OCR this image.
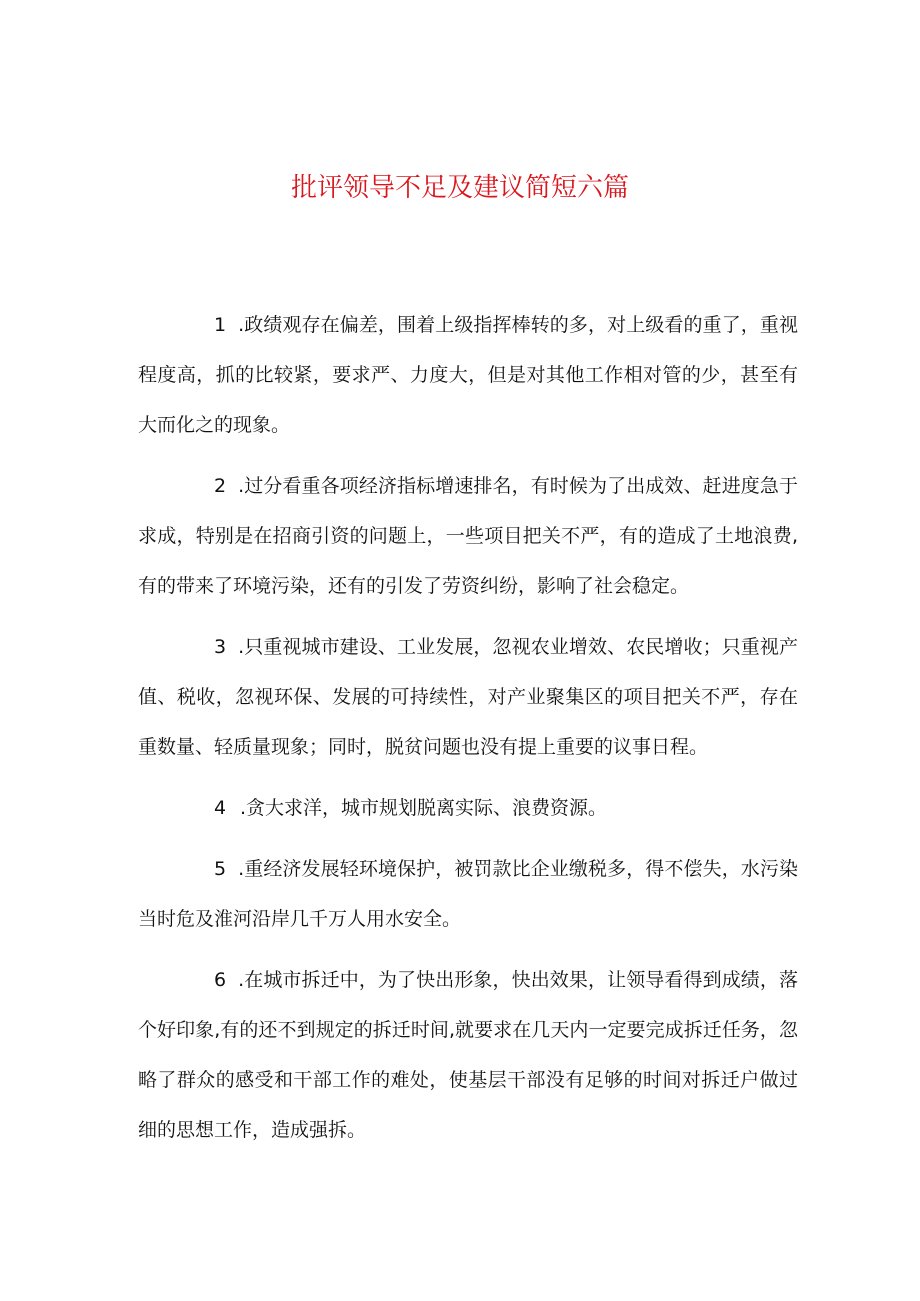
批评领导不足及建议简短六篇

1 .政绩观存在偏差，围着上级指挥棒转的多，对上级看的重了，重视程度高，抓的比较紧，要求严、力度大，但是对其他工作相对管的少，甚至有大而化之的现象。

2 .过分看重各项经济指标增速排名，有时候为了出成效、赶进度急于求成，特别是在招商引资的问题上，一些项目把关不严，有的造成了土地浪费,有的带来了环境污染，还有的引发了劳资纠纷，影响了社会稳定。

3 .只重视城市建设、工业发展，忽视农业增效、农民增收；只重视产值、税收，忽视环保、发展的可持续性，对产业聚集区的项目把关不严，存在重数量、轻质量现象；同时，脱贫问题也没有提上重要的议事日程。

4 .贪大求洋，城市规划脱离实际、浪费资源。

5 .重经济发展轻环境保护，被罚款比企业缴税多，得不偿失，水污染当时危及淮河沿岸几千万人用水安全。

6 .在城市拆迁中，为了快出形象，快出效果，让领导看得到成绩，落个好印象,有的还不到规定的拆迁时间,就要求在几天内一定要完成拆迁任务，忽略了群众的感受和干部工作的难处，使基层干部没有足够的时间对拆迁户做过细的思想工作，造成强拆。
